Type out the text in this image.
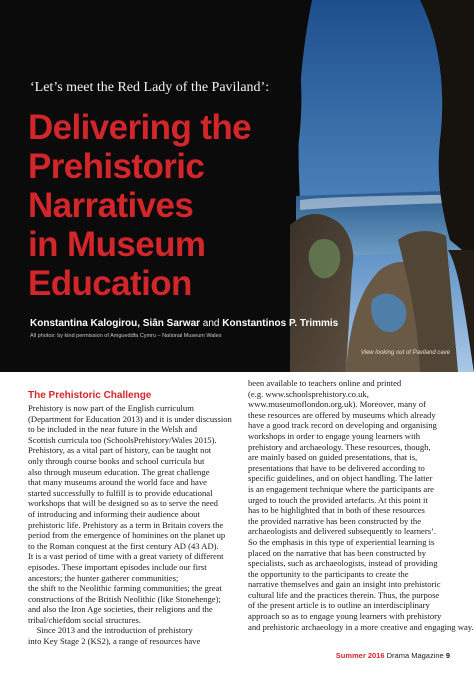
‘Let’s meet the Red Lady of the Paviland’:
Delivering the
Prehistoric
Narratives
in Museum
Education
Konstantina Kalogirou, Siân Sarwar and Konstantinos P. Trimmis
All photos: by kind permission of Amgueddfa Cymru – National Museum Wales
View looking out of Paviland cave
The Prehistoric Challenge
Prehistory is now part of the English curriculum
(Department for Education 2013) and it is under discussion
to be included in the near future in the Welsh and
Scottish curricula too (SchoolsPrehistory/Wales 2015).
Prehistory, as a vital part of history, can be taught not
only through course books and school curricula but
also through museum education. The great challenge
that many museums around the world face and have
started successfully to fulfill is to provide educational
workshops that will be designed so as to serve the need
of introducing and informing their audience about
prehistoric life. Prehistory as a term in Britain covers the
period from the emergence of hominines on the planet up
to the Roman conquest at the first century AD (43 AD).
It is a vast period of time with a great variety of different
episodes. These important episodes include our first
ancestors; the hunter gatherer communities;
the shift to the Neolithic farming communities; the great
constructions of the British Neolithic (like Stonehenge);
and also the Iron Age societies, their religions and the
tribal/chiefdom social structures.
Since 2013 and the introduction of prehistory
into Key Stage 2 (KS2), a range of resources have
been available to teachers online and printed
(e.g. www.schoolsprehistory.co.uk,
www.museumoflondon.org.uk). Moreover, many of
these resources are offered by museums which already
have a good track record on developing and organising
workshops in order to engage young learners with
prehistory and archaeology. These resources, though,
are mainly based on guided presentations, that is,
presentations that have to be delivered according to
specific guidelines, and on object handling. The latter
is an engagement technique where the participants are
urged to touch the provided artefacts. At this point it
has to be highlighted that in both of these resources
the provided narrative has been constructed by the
archaeologists and delivered subsequently to learners’.
So the emphasis in this type of experiential learning is
placed on the narrative that has been constructed by
specialists, such as archaeologists, instead of providing
the opportunity to the participants to create the
narrative themselves and gain an insight into prehistoric
cultural life and the practices therein. Thus, the purpose
of the present article is to outline an interdisciplinary
approach so as to engage young learners with prehistory
and prehistoric archaeology in a more creative and engaging way.
Summer 2016 Drama Magazine 9
